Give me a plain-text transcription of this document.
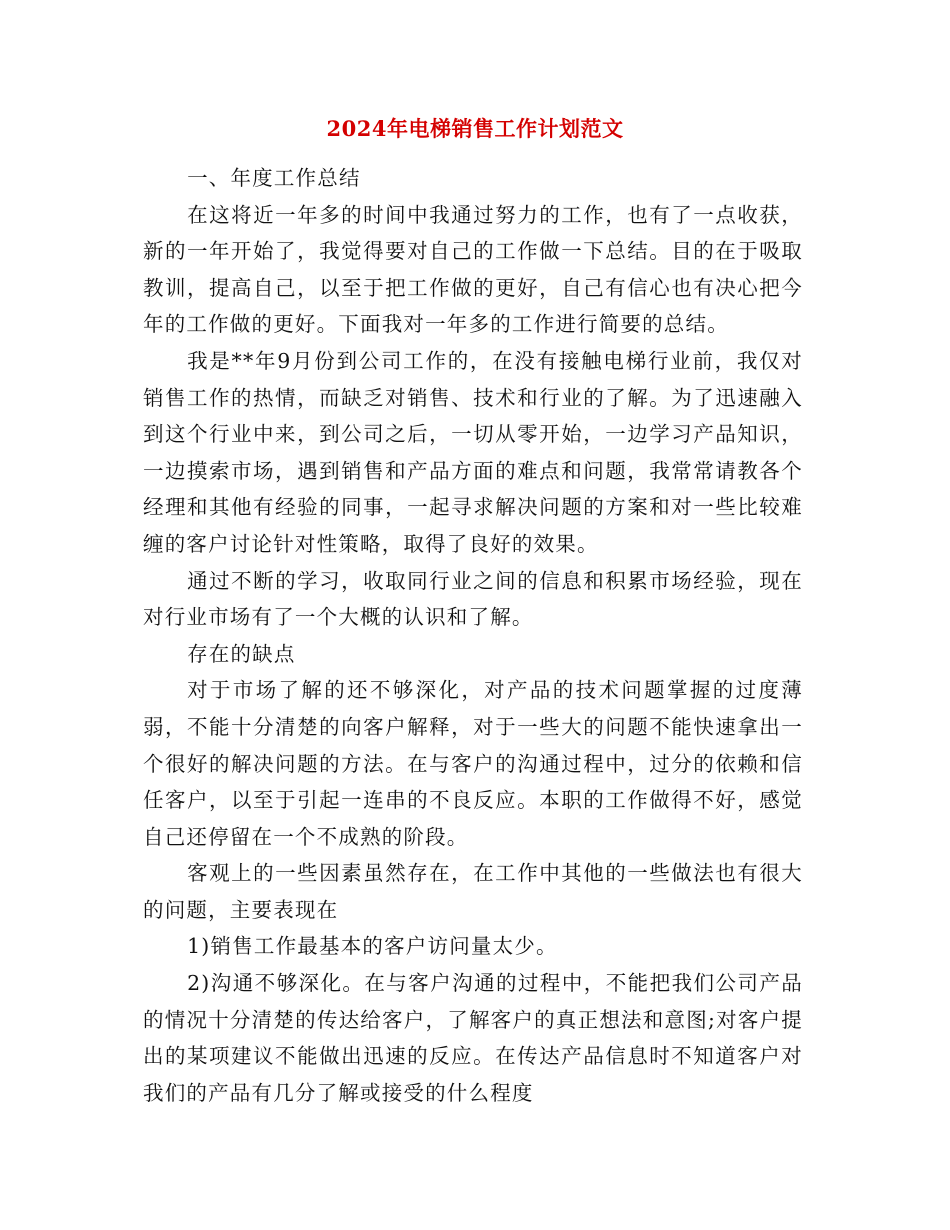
2024年电梯销售工作计划范文

一、年度工作总结

在这将近一年多的时间中我通过努力的工作，也有了一点收获，新的一年开始了，我觉得要对自己的工作做一下总结。目的在于吸取教训，提高自己，以至于把工作做的更好，自己有信心也有决心把今年的工作做的更好。下面我对一年多的工作进行简要的总结。

我是**年9月份到公司工作的，在没有接触电梯行业前，我仅对销售工作的热情，而缺乏对销售、技术和行业的了解。为了迅速融入到这个行业中来，到公司之后，一切从零开始，一边学习产品知识，一边摸索市场，遇到销售和产品方面的难点和问题，我常常请教各个经理和其他有经验的同事，一起寻求解决问题的方案和对一些比较难缠的客户讨论针对性策略，取得了良好的效果。

通过不断的学习，收取同行业之间的信息和积累市场经验，现在对行业市场有了一个大概的认识和了解。

存在的缺点

对于市场了解的还不够深化，对产品的技术问题掌握的过度薄弱，不能十分清楚的向客户解释，对于一些大的问题不能快速拿出一个很好的解决问题的方法。在与客户的沟通过程中，过分的依赖和信任客户，以至于引起一连串的不良反应。本职的工作做得不好，感觉自己还停留在一个不成熟的阶段。

客观上的一些因素虽然存在，在工作中其他的一些做法也有很大的问题，主要表现在

1)销售工作最基本的客户访问量太少。

2)沟通不够深化。在与客户沟通的过程中，不能把我们公司产品的情况十分清楚的传达给客户，了解客户的真正想法和意图;对客户提出的某项建议不能做出迅速的反应。在传达产品信息时不知道客户对我们的产品有几分了解或接受的什么程度
